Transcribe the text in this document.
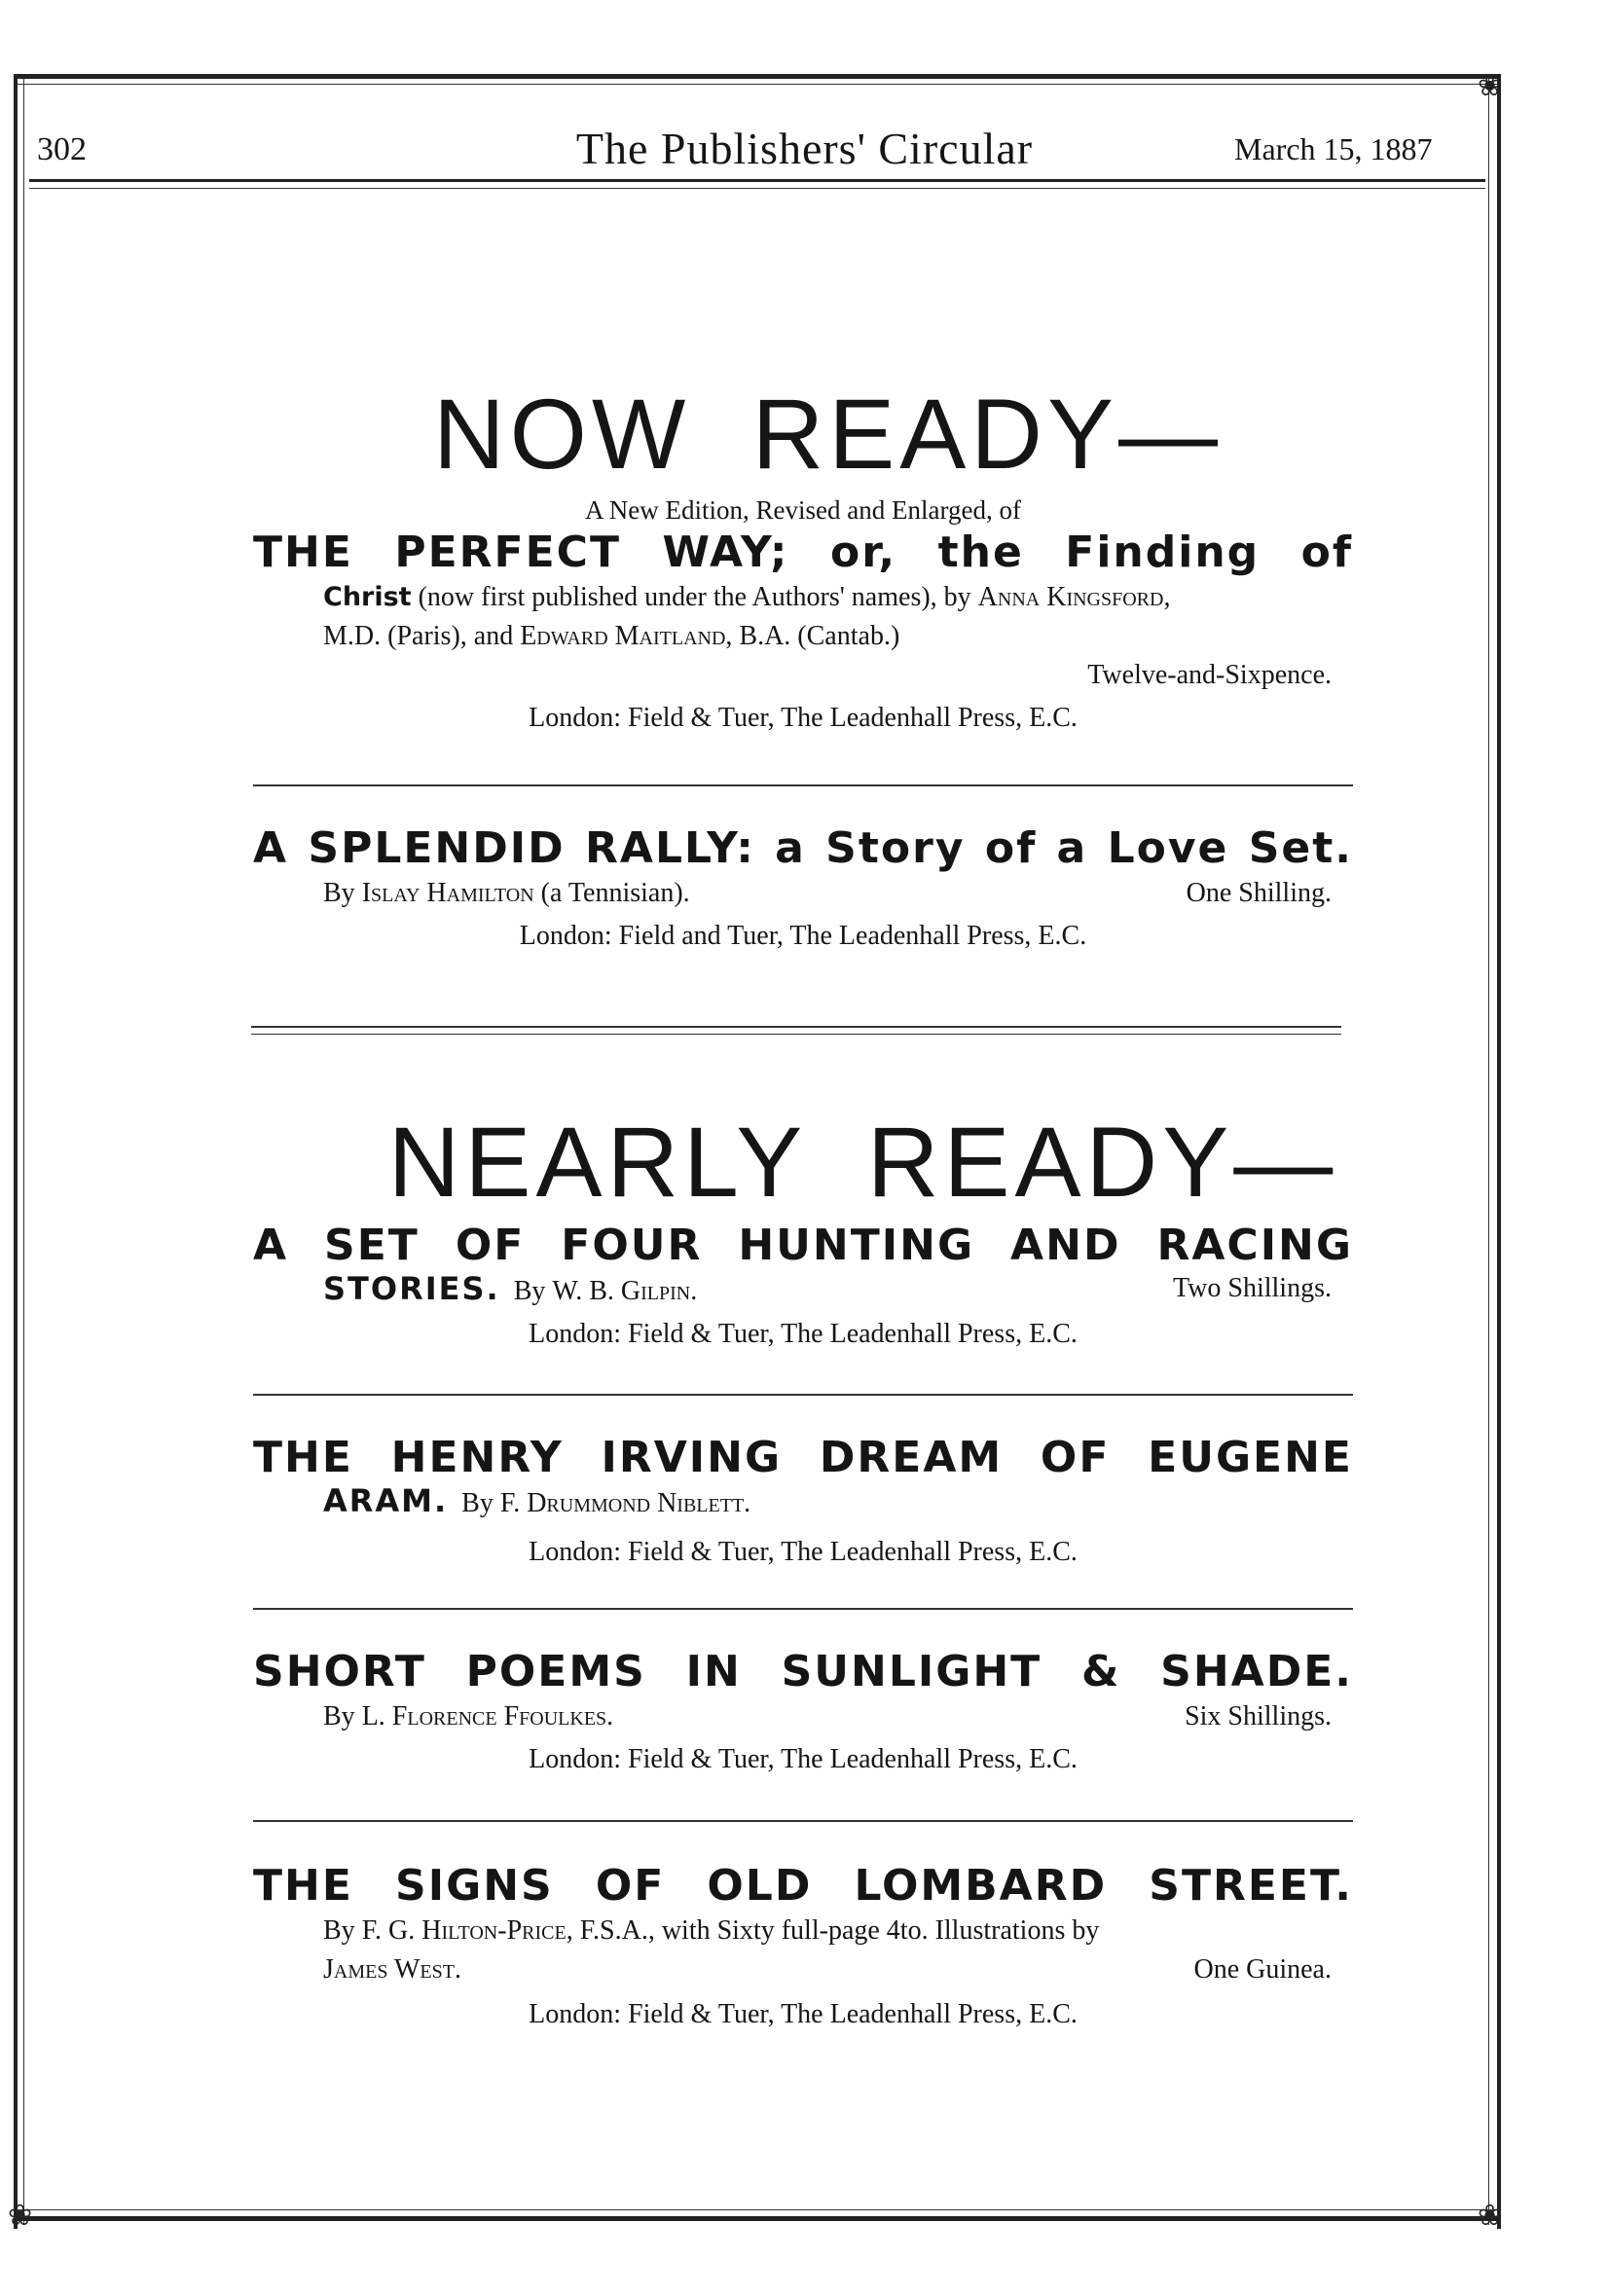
❀
❀
❀
302	The Publishers' Circular	March 15, 1887
NOW READY—
A New Edition, Revised and Enlarged, of
THE PERFECT WAY; or, the Finding of
Christ (now first published under the Authors' names), by Anna Kingsford,
M.D. (Paris), and Edward Maitland, B.A. (Cantab.)
Twelve-and-Sixpence.
London: Field & Tuer, The Leadenhall Press, E.C.
A SPLENDID RALLY: a Story of a Love Set.
By Islay Hamilton (a Tennisian).	One Shilling.
London: Field and Tuer, The Leadenhall Press, E.C.
NEARLY READY—
A SET OF FOUR HUNTING AND RACING
STORIES. By W. B. Gilpin.	Two Shillings.
London: Field & Tuer, The Leadenhall Press, E.C.
THE HENRY IRVING DREAM OF EUGENE
ARAM. By F. Drummond Niblett.
London: Field & Tuer, The Leadenhall Press, E.C.
SHORT POEMS IN SUNLIGHT & SHADE.
By L. Florence Ffoulkes.	Six Shillings.
London: Field & Tuer, The Leadenhall Press, E.C.
THE SIGNS OF OLD LOMBARD STREET.
By F. G. Hilton-Price, F.S.A., with Sixty full-page 4to. Illustrations by
James West.	One Guinea.
London: Field & Tuer, The Leadenhall Press, E.C.
